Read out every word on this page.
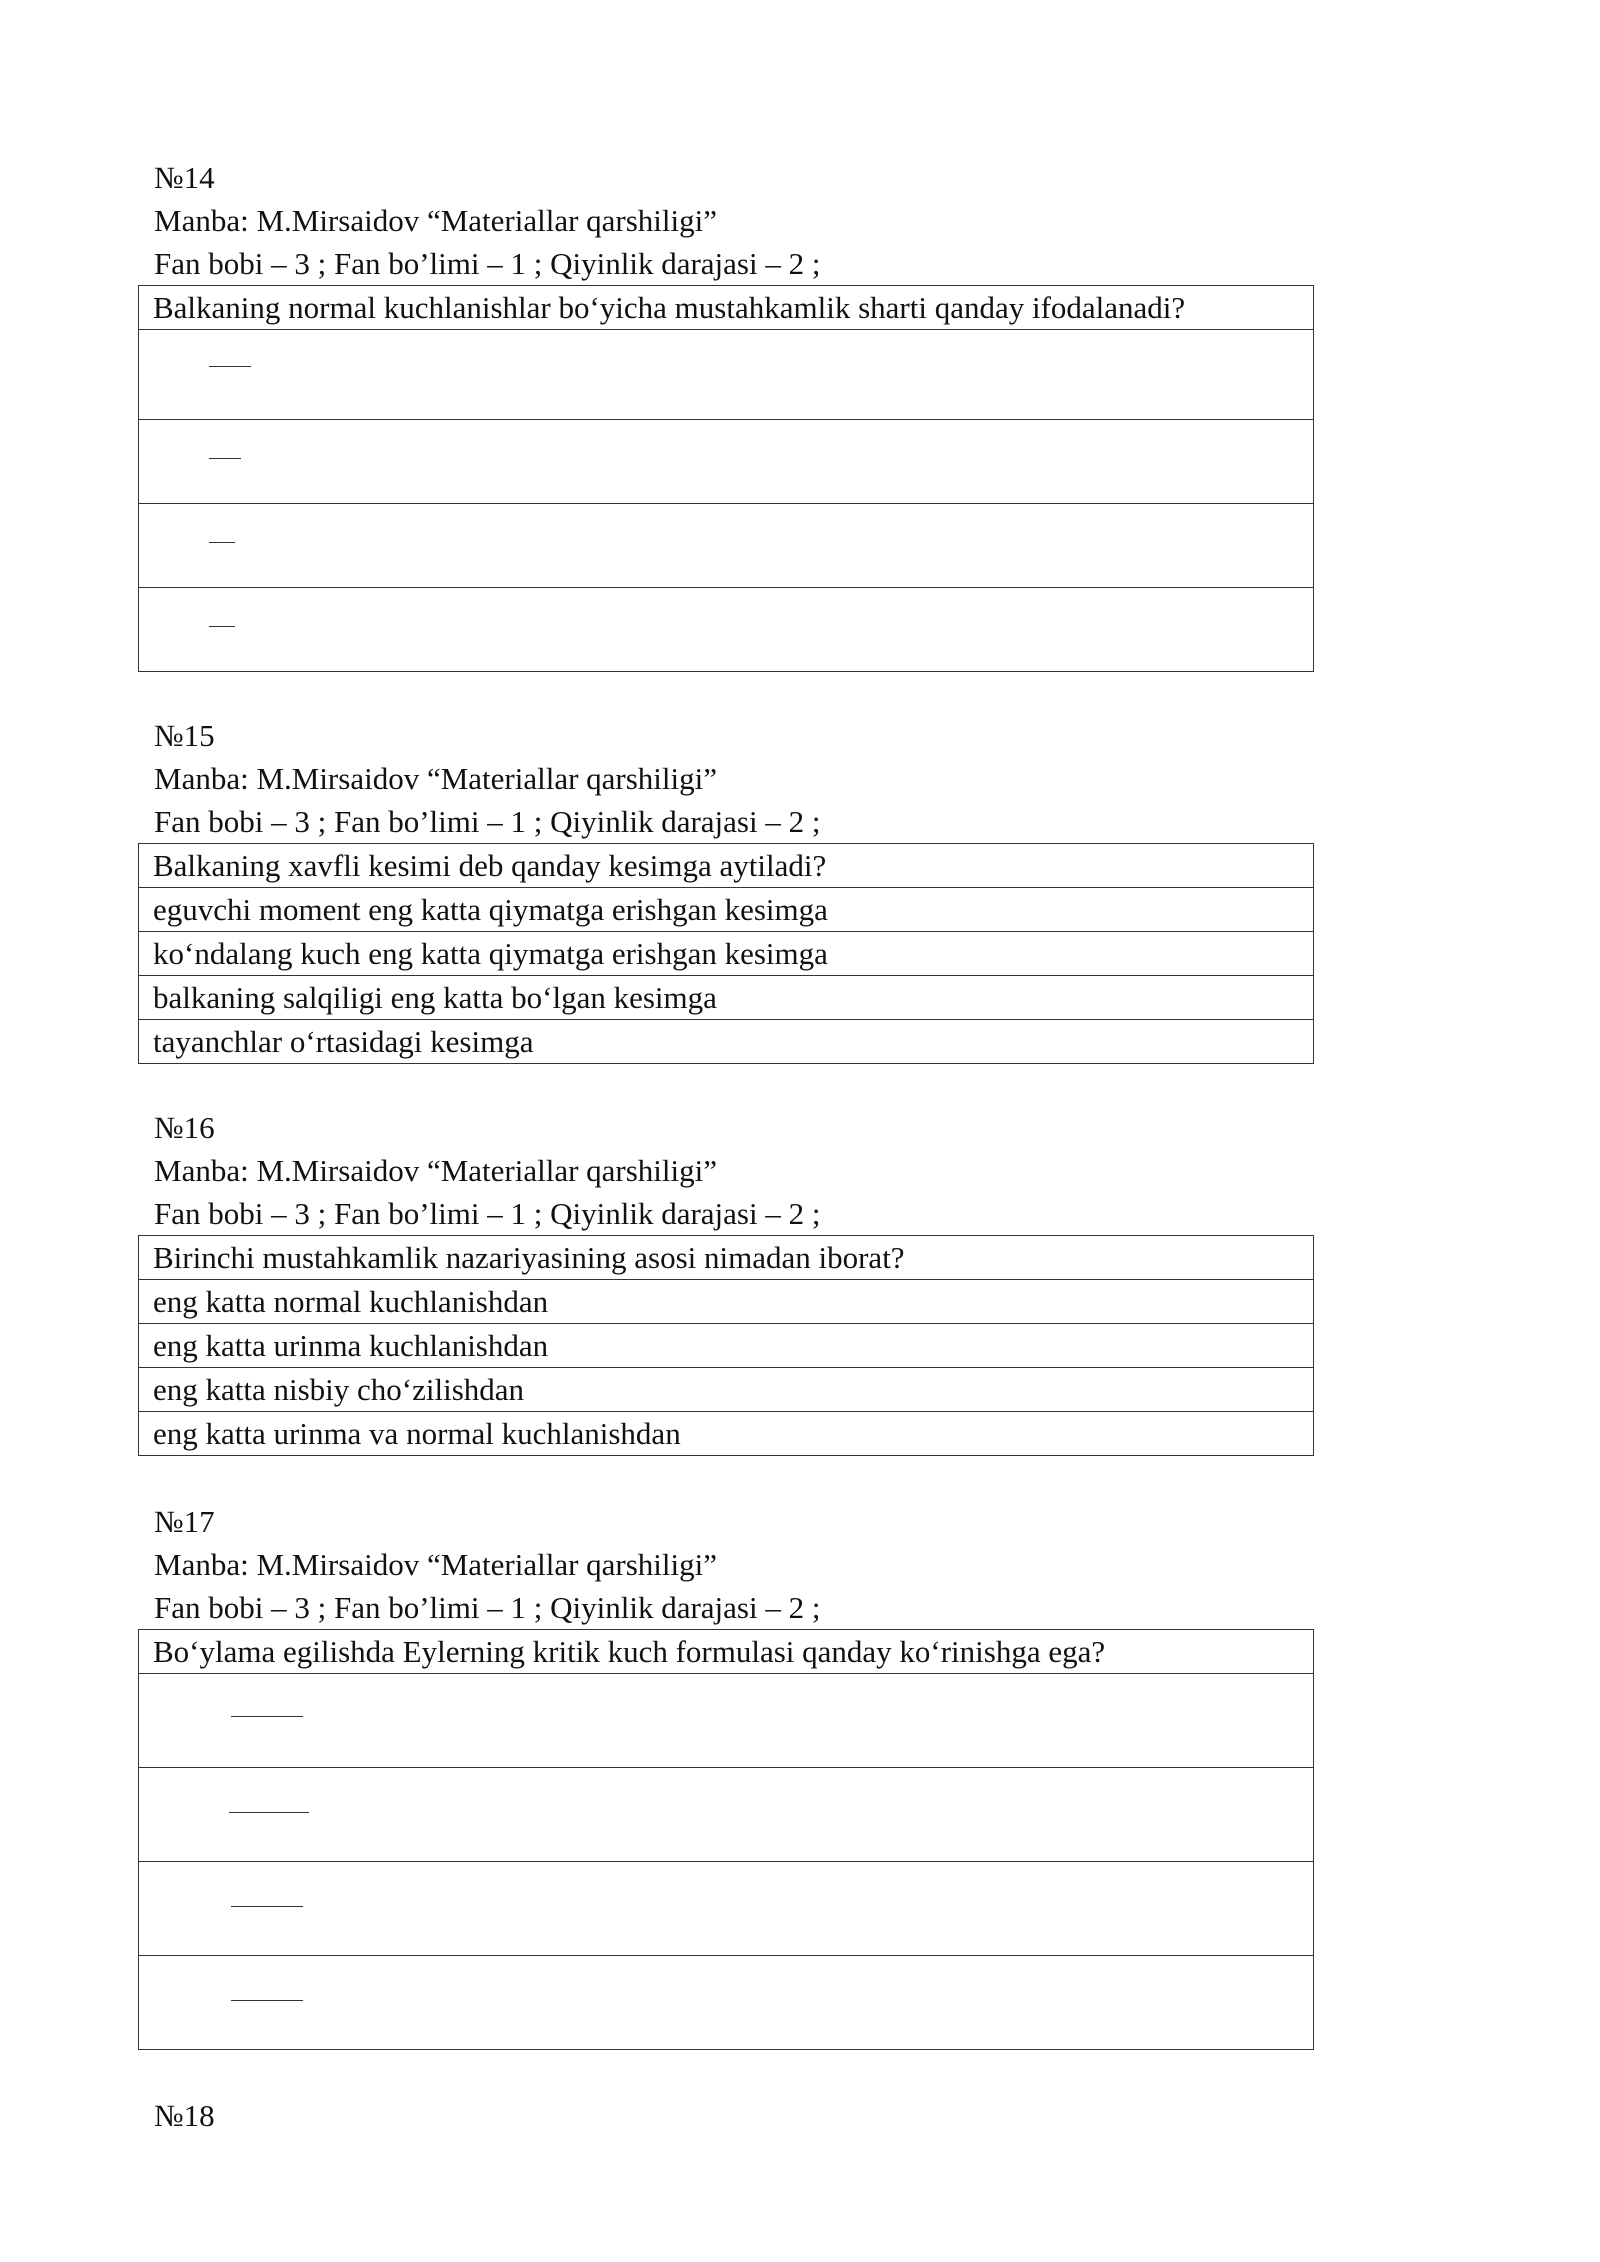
№14
Manba: M.Mirsaidov “Materiallar qarshiligi”
Fan bobi – 3 ; Fan bo’limi – 1 ; Qiyinlik darajasi – 2 ;
Balkaning normal kuchlanishlar bo‘yicha mustahkamlik sharti qanday ifodalanadi?

№15
Manba: M.Mirsaidov “Materiallar qarshiligi”
Fan bobi – 3 ; Fan bo’limi – 1 ; Qiyinlik darajasi – 2 ;
Balkaning xavfli kesimi deb qanday kesimga aytiladi?
eguvchi moment eng katta qiymatga erishgan kesimga
ko‘ndalang kuch eng katta qiymatga erishgan kesimga
balkaning salqiligi eng katta bo‘lgan kesimga
tayanchlar o‘rtasidagi kesimga
№16
Manba: M.Mirsaidov “Materiallar qarshiligi”
Fan bobi – 3 ; Fan bo’limi – 1 ; Qiyinlik darajasi – 2 ;
Birinchi mustahkamlik nazariyasining asosi nimadan iborat?
eng katta normal kuchlanishdan
eng katta urinma kuchlanishdan
eng katta nisbiy cho‘zilishdan
eng katta urinma va normal kuchlanishdan
№17
Manba: M.Mirsaidov “Materiallar qarshiligi”
Fan bobi – 3 ; Fan bo’limi – 1 ; Qiyinlik darajasi – 2 ;
Bo‘ylama egilishda Eylerning kritik kuch formulasi qanday ko‘rinishga ega?

№18
